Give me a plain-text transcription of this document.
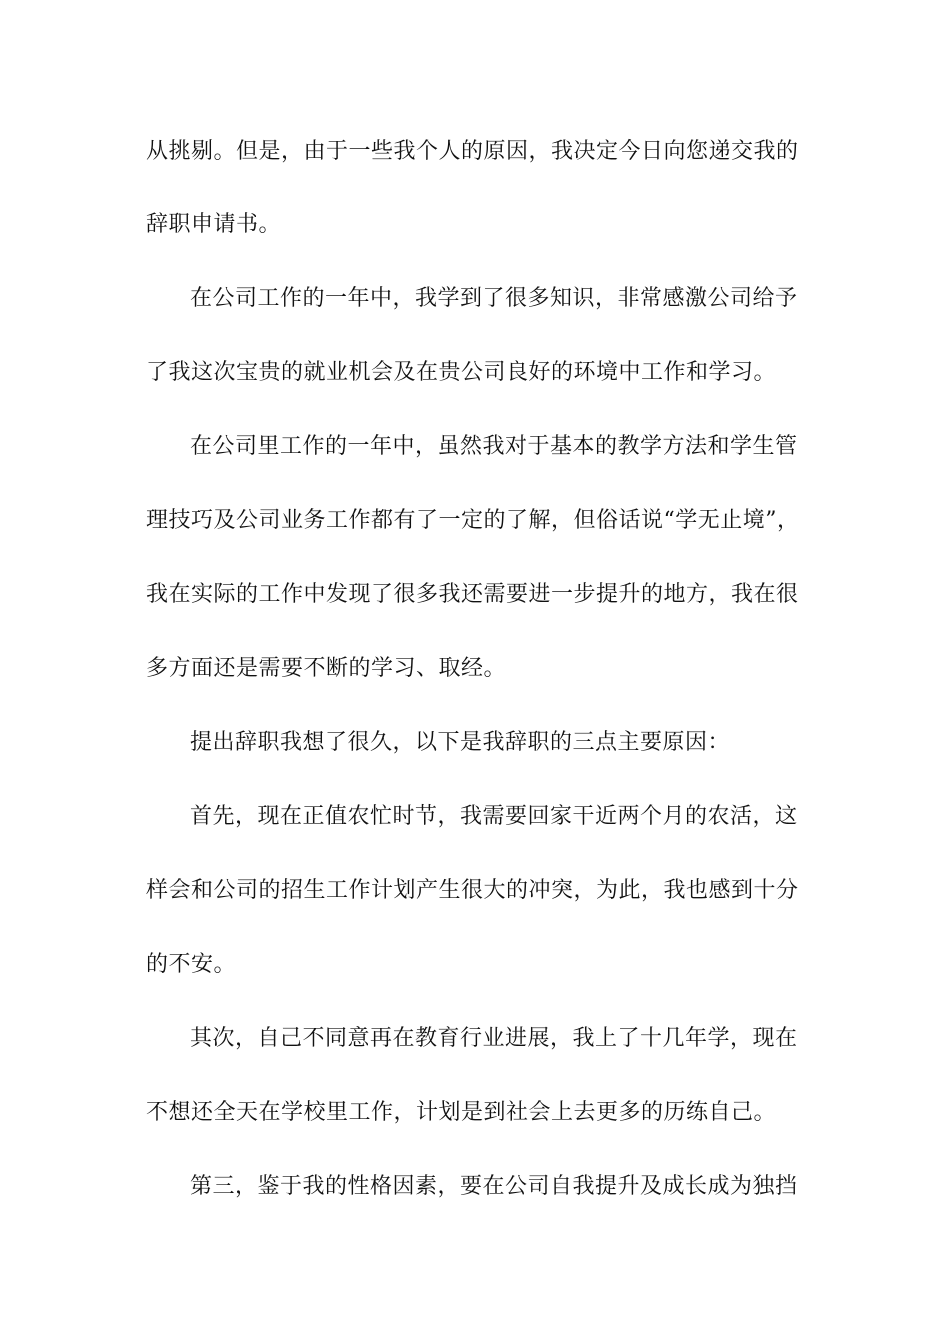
从挑剔。但是，由于一些我个人的原因，我决定今日向您递交我的
辞职申请书。
在公司工作的一年中，我学到了很多知识，非常感激公司给予
了我这次宝贵的就业机会及在贵公司良好的环境中工作和学习。
在公司里工作的一年中，虽然我对于基本的教学方法和学生管
理技巧及公司业务工作都有了一定的了解，但俗话说“学无止境”，
我在实际的工作中发现了很多我还需要进一步提升的地方，我在很
多方面还是需要不断的学习、取经。
提出辞职我想了很久，以下是我辞职的三点主要原因：
首先，现在正值农忙时节，我需要回家干近两个月的农活，这
样会和公司的招生工作计划产生很大的冲突，为此，我也感到十分
的不安。
其次，自己不同意再在教育行业进展，我上了十几年学，现在
不想还全天在学校里工作，计划是到社会上去更多的历练自己。
第三，鉴于我的性格因素，要在公司自我提升及成长成为独挡
